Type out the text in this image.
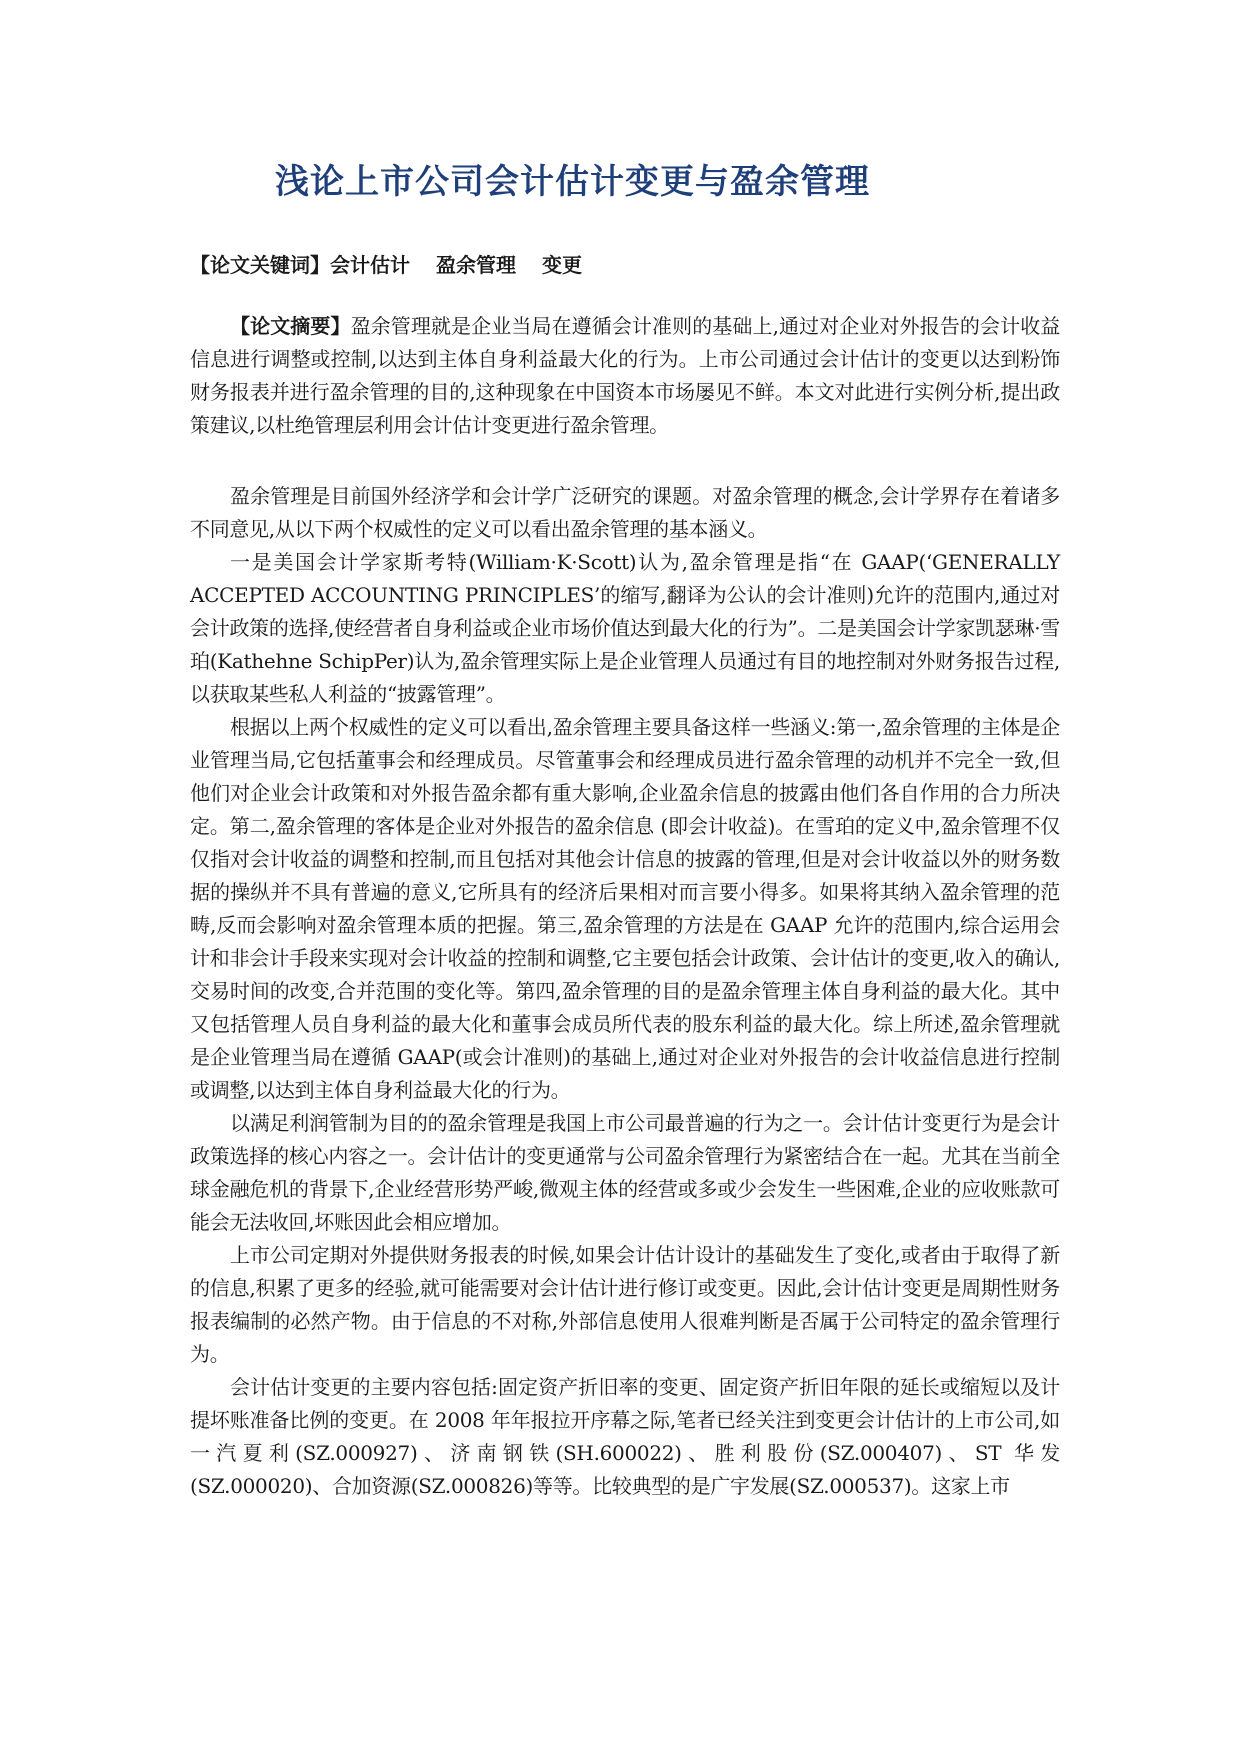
浅论上市公司会计估计变更与盈余管理

【论文关键词】会计估计 盈余管理 变更

【论文摘要】盈余管理就是企业当局在遵循会计准则的基础上,通过对企业对外报告的会计收益信息进行调整或控制,以达到主体自身利益最大化的行为。上市公司通过会计估计的变更以达到粉饰财务报表并进行盈余管理的目的,这种现象在中国资本市场屡见不鲜。本文对此进行实例分析,提出政策建议,以杜绝管理层利用会计估计变更进行盈余管理。

盈余管理是目前国外经济学和会计学广泛研究的课题。对盈余管理的概念,会计学界存在着诸多不同意见,从以下两个权威性的定义可以看出盈余管理的基本涵义。

一是美国会计学家斯考特(William·K·Scott)认为,盈余管理是指“在 GAAP(‘GENERALLY ACCEPTED ACCOUNTING PRINCIPLES’的缩写,翻译为公认的会计准则)允许的范围内,通过对会计政策的选择,使经营者自身利益或企业市场价值达到最大化的行为”。二是美国会计学家凯瑟琳·雪珀(Kathehne SchipPer)认为,盈余管理实际上是企业管理人员通过有目的地控制对外财务报告过程,以获取某些私人利益的“披露管理”。

根据以上两个权威性的定义可以看出,盈余管理主要具备这样一些涵义:第一,盈余管理的主体是企业管理当局,它包括董事会和经理成员。尽管董事会和经理成员进行盈余管理的动机并不完全一致,但他们对企业会计政策和对外报告盈余都有重大影响,企业盈余信息的披露由他们各自作用的合力所决定。第二,盈余管理的客体是企业对外报告的盈余信息 (即会计收益)。在雪珀的定义中,盈余管理不仅仅指对会计收益的调整和控制,而且包括对其他会计信息的披露的管理,但是对会计收益以外的财务数据的操纵并不具有普遍的意义,它所具有的经济后果相对而言要小得多。如果将其纳入盈余管理的范畴,反而会影响对盈余管理本质的把握。第三,盈余管理的方法是在 GAAP 允许的范围内,综合运用会计和非会计手段来实现对会计收益的控制和调整,它主要包括会计政策、会计估计的变更,收入的确认,交易时间的改变,合并范围的变化等。第四,盈余管理的目的是盈余管理主体自身利益的最大化。其中又包括管理人员自身利益的最大化和董事会成员所代表的股东利益的最大化。综上所述,盈余管理就是企业管理当局在遵循 GAAP(或会计准则)的基础上,通过对企业对外报告的会计收益信息进行控制或调整,以达到主体自身利益最大化的行为。

以满足利润管制为目的的盈余管理是我国上市公司最普遍的行为之一。会计估计变更行为是会计政策选择的核心内容之一。会计估计的变更通常与公司盈余管理行为紧密结合在一起。尤其在当前全球金融危机的背景下,企业经营形势严峻,微观主体的经营或多或少会发生一些困难,企业的应收账款可能会无法收回,坏账因此会相应增加。

上市公司定期对外提供财务报表的时候,如果会计估计设计的基础发生了变化,或者由于取得了新的信息,积累了更多的经验,就可能需要对会计估计进行修订或变更。因此,会计估计变更是周期性财务报表编制的必然产物。由于信息的不对称,外部信息使用人很难判断是否属于公司特定的盈余管理行为。

会计估计变更的主要内容包括:固定资产折旧率的变更、固定资产折旧年限的延长或缩短以及计提坏账准备比例的变更。在 2008 年年报拉开序幕之际,笔者已经关注到变更会计估计的上市公司,如一汽夏利(SZ.000927)、济南钢铁(SH.600022)、胜利股份(SZ.000407)、ST 华发(SZ.000020)、合加资源(SZ.000826)等等。比较典型的是广宇发展(SZ.000537)。这家上市
